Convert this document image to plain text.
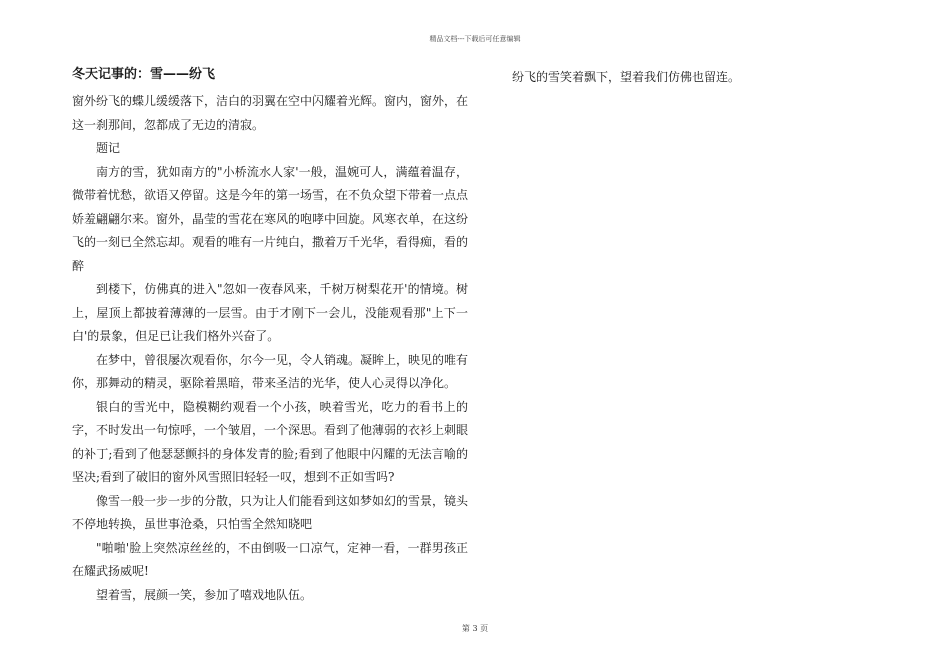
精品文档---下载后可任意编辑
冬天记事的：雪——纷飞

窗外纷飞的蝶儿缓缓落下，洁白的羽翼在空中闪耀着光辉。窗内，窗外，在这一刹那间，忽都成了无边的清寂。

题记

南方的雪，犹如南方的"小桥流水人家'一般，温婉可人，满蕴着温存，微带着忧愁，欲语又停留。这是今年的第一场雪，在不负众望下带着一点点娇羞翩翩尔来。窗外，晶莹的雪花在寒风的咆哮中回旋。风寒衣单，在这纷飞的一刻已全然忘却。观看的唯有一片纯白，撒着万千光华，看得痴，看的醉

到楼下，仿佛真的进入"忽如一夜春风来，千树万树梨花开'的情境。树上，屋顶上都披着薄薄的一层雪。由于才刚下一会儿，没能观看那"上下一白'的景象，但足已让我们格外兴奋了。

在梦中，曾很屡次观看你，尔今一见，令人销魂。凝眸上，映见的唯有你，那舞动的精灵，驱除着黑暗，带来圣洁的光华，使人心灵得以净化。

银白的雪光中，隐模糊约观看一个小孩，映着雪光，吃力的看书上的字，不时发出一句惊呼，一个皱眉，一个深思。看到了他薄弱的衣衫上刺眼的补丁;看到了他瑟瑟颤抖的身体发青的脸;看到了他眼中闪耀的无法言喻的坚决;看到了破旧的窗外风雪照旧轻轻一叹，想到不正如雪吗?

像雪一般一步一步的分散，只为让人们能看到这如梦如幻的雪景，镜头不停地转换，虽世事沧桑，只怕雪全然知晓吧

"啪啪'脸上突然凉丝丝的，不由倒吸一口凉气，定神一看，一群男孩正在耀武扬威呢!

望着雪，展颜一笑，参加了嘻戏地队伍。

纷飞的雪笑着飘下，望着我们仿佛也留连。

第 3 页
